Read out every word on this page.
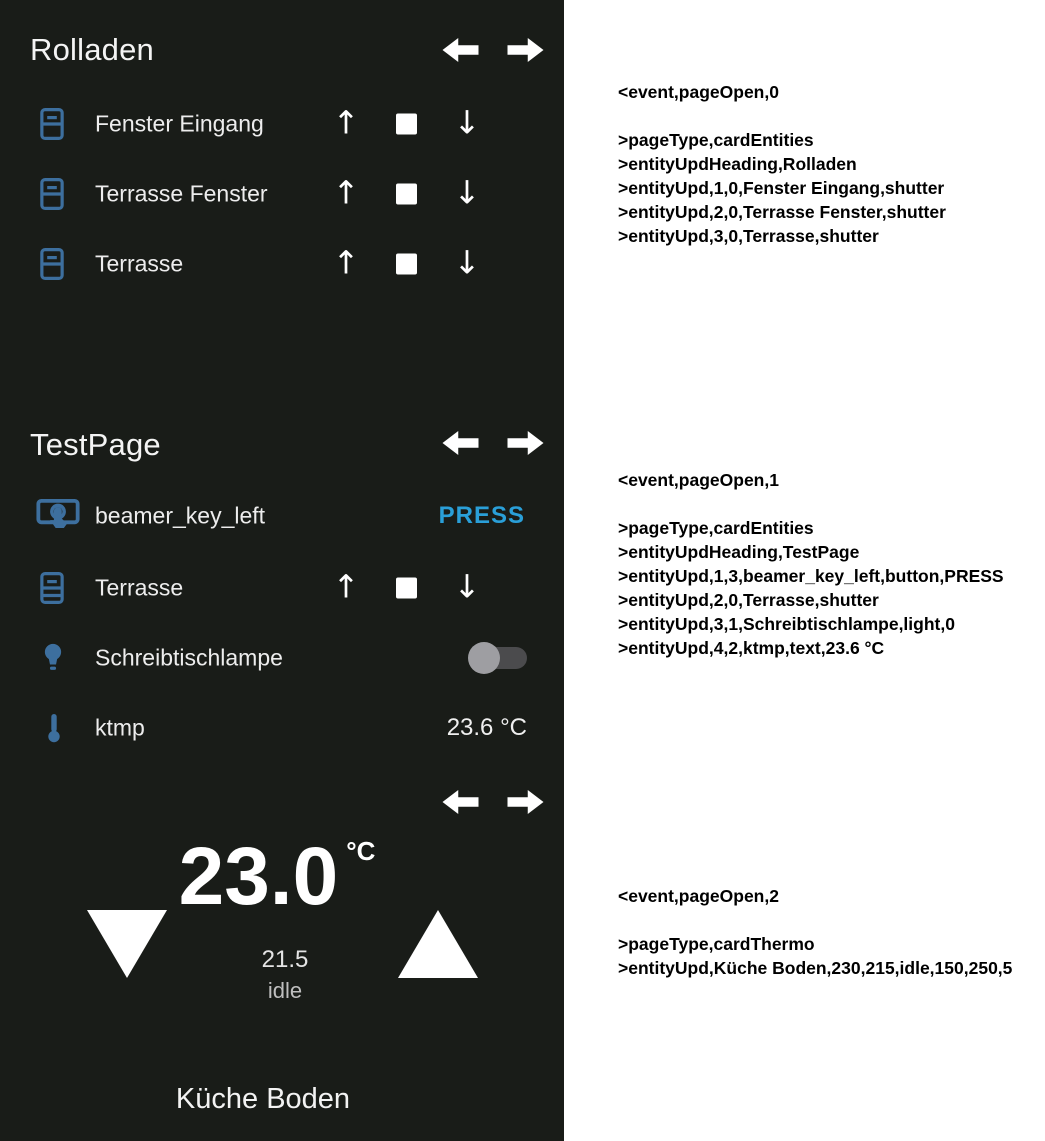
Rolladen
Fenster Eingang ↑	↓
Terrasse Fenster ↑	↓
Terrasse	↑	↓
TestPage
beamer_key_left	PRESS
Terrasse	↑	↓
Schreibtischlampe
ktmp	23.6 °C
23.0 °C
21.5
idle
Küche Boden
<event,pageOpen,0
>pageType,cardEntities
>entityUpdHeading,Rolladen
>entityUpd,1,0,Fenster Eingang,shutter
>entityUpd,2,0,Terrasse Fenster,shutter
>entityUpd,3,0,Terrasse,shutter
<event,pageOpen,1
>pageType,cardEntities
>entityUpdHeading,TestPage
>entityUpd,1,3,beamer_key_left,button,PRESS
>entityUpd,2,0,Terrasse,shutter
>entityUpd,3,1,Schreibtischlampe,light,0
>entityUpd,4,2,ktmp,text,23.6 °C
<event,pageOpen,2
>pageType,cardThermo
>entityUpd,Küche Boden,230,215,idle,150,250,5
